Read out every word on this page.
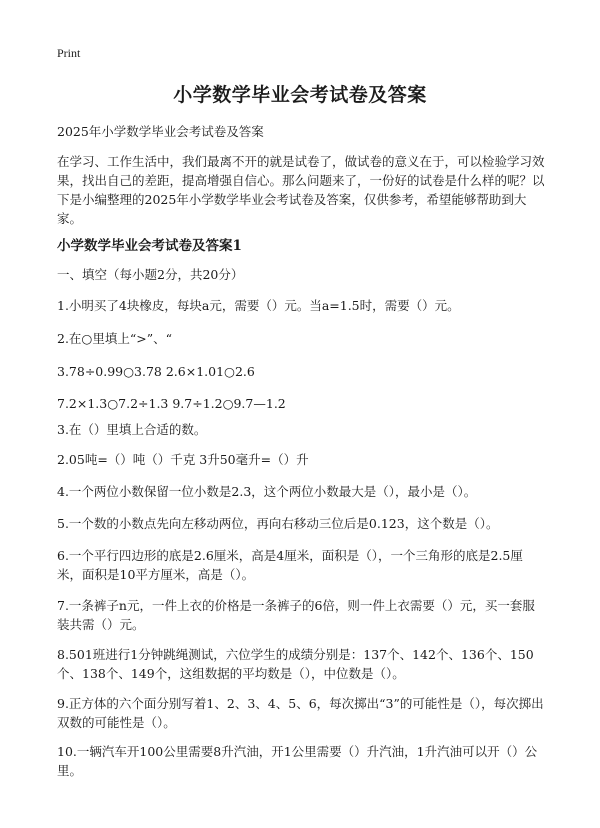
Print
小学数学毕业会考试卷及答案
2025年小学数学毕业会考试卷及答案
在学习、工作生活中，我们最离不开的就是试卷了，做试卷的意义在于，可以检验学习效果，找出自己的差距，提高增强自信心。那么问题来了，一份好的试卷是什么样的呢？以下是小编整理的2025年小学数学毕业会考试卷及答案，仅供参考，希望能够帮助到大家。
小学数学毕业会考试卷及答案1
一、填空（每小题2分，共20分）
1.小明买了4块橡皮，每块a元，需要（）元。当a=1.5时，需要（）元。
2.在○里填上“>”、“
3.78÷0.99○3.78 2.6×1.01○2.6
7.2×1.3○7.2÷1.3 9.7÷1.2○9.7—1.2
3.在（）里填上合适的数。
2.05吨=（）吨（）千克 3升50毫升=（）升
4.一个两位小数保留一位小数是2.3，这个两位小数最大是（），最小是（）。
5.一个数的小数点先向左移动两位，再向右移动三位后是0.123，这个数是（）。
6.一个平行四边形的底是2.6厘米，高是4厘米，面积是（），一个三角形的底是2.5厘米，面积是10平方厘米，高是（）。
7.一条裤子n元，一件上衣的价格是一条裤子的6倍，则一件上衣需要（）元，买一套服装共需（）元。
8.501班进行1分钟跳绳测试，六位学生的成绩分别是：137个、142个、136个、150个、138个、149个，这组数据的平均数是（），中位数是（）。
9.正方体的六个面分别写着1、2、3、4、5、6，每次掷出“3”的可能性是（），每次掷出双数的可能性是（）。
10.一辆汽车开100公里需要8升汽油，开1公里需要（）升汽油，1升汽油可以开（）公里。
